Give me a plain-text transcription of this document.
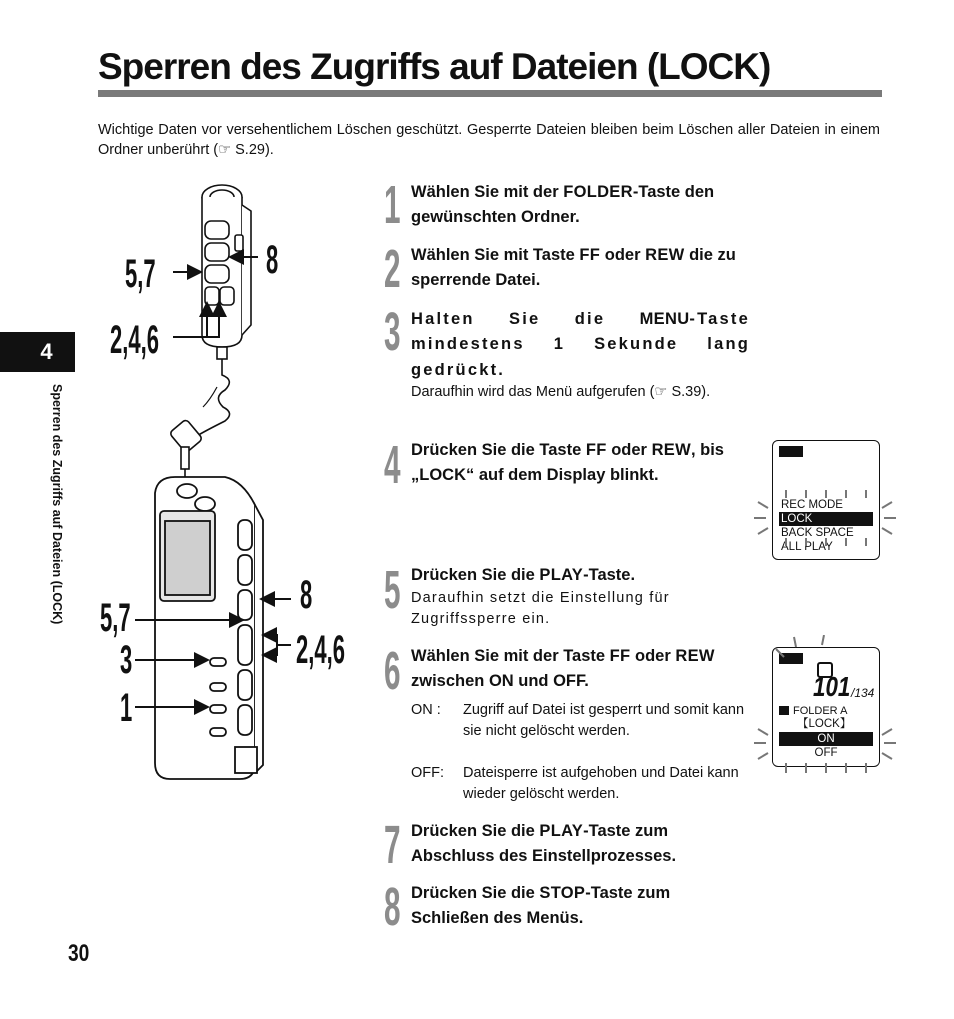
Sperren des Zugriffs auf Dateien (LOCK)
Wichtige Daten vor versehentlichem Löschen geschützt. Gesperrte Dateien bleiben beim Löschen aller Dateien in einem Ordner unberührt (☞ S.29).
4
Sperren des Zugriffs auf Dateien (LOCK)
30
5,7	8
2,4,6
5,7
3
1
8
2,4,6
1 Wählen Sie mit der FOLDER-Taste den gewünschten Ordner.
2 Wählen Sie mit Taste FF oder REW die zu sperrende Datei.
3 Halten Sie die MENU-Taste mindestens 1 Sekunde lang
gedrückt.
Daraufhin wird das Menü aufgerufen (☞ S.39).
4 Drücken Sie die Taste FF oder REW, bis „LOCK“ auf dem Display blinkt.
REC MODE
LOCK
BACK SPACE
ALL PLAY
5 Drücken Sie die PLAY-Taste.
Daraufhin setzt die Einstellung für Zugriffssperre ein.
6 Wählen Sie mit der Taste FF oder REW zwischen ON und OFF.
ON : Zugriff auf Datei ist gesperrt und somit kann sie nicht gelöscht werden.
OFF: Dateisperre ist aufgehoben und Datei kann wieder gelöscht werden.
101 /134
FOLDER A
【LOCK】
ON
OFF
7 Drücken Sie die PLAY-Taste zum Abschluss des Einstellprozesses.
8 Drücken Sie die STOP-Taste zum Schließen des Menüs.
